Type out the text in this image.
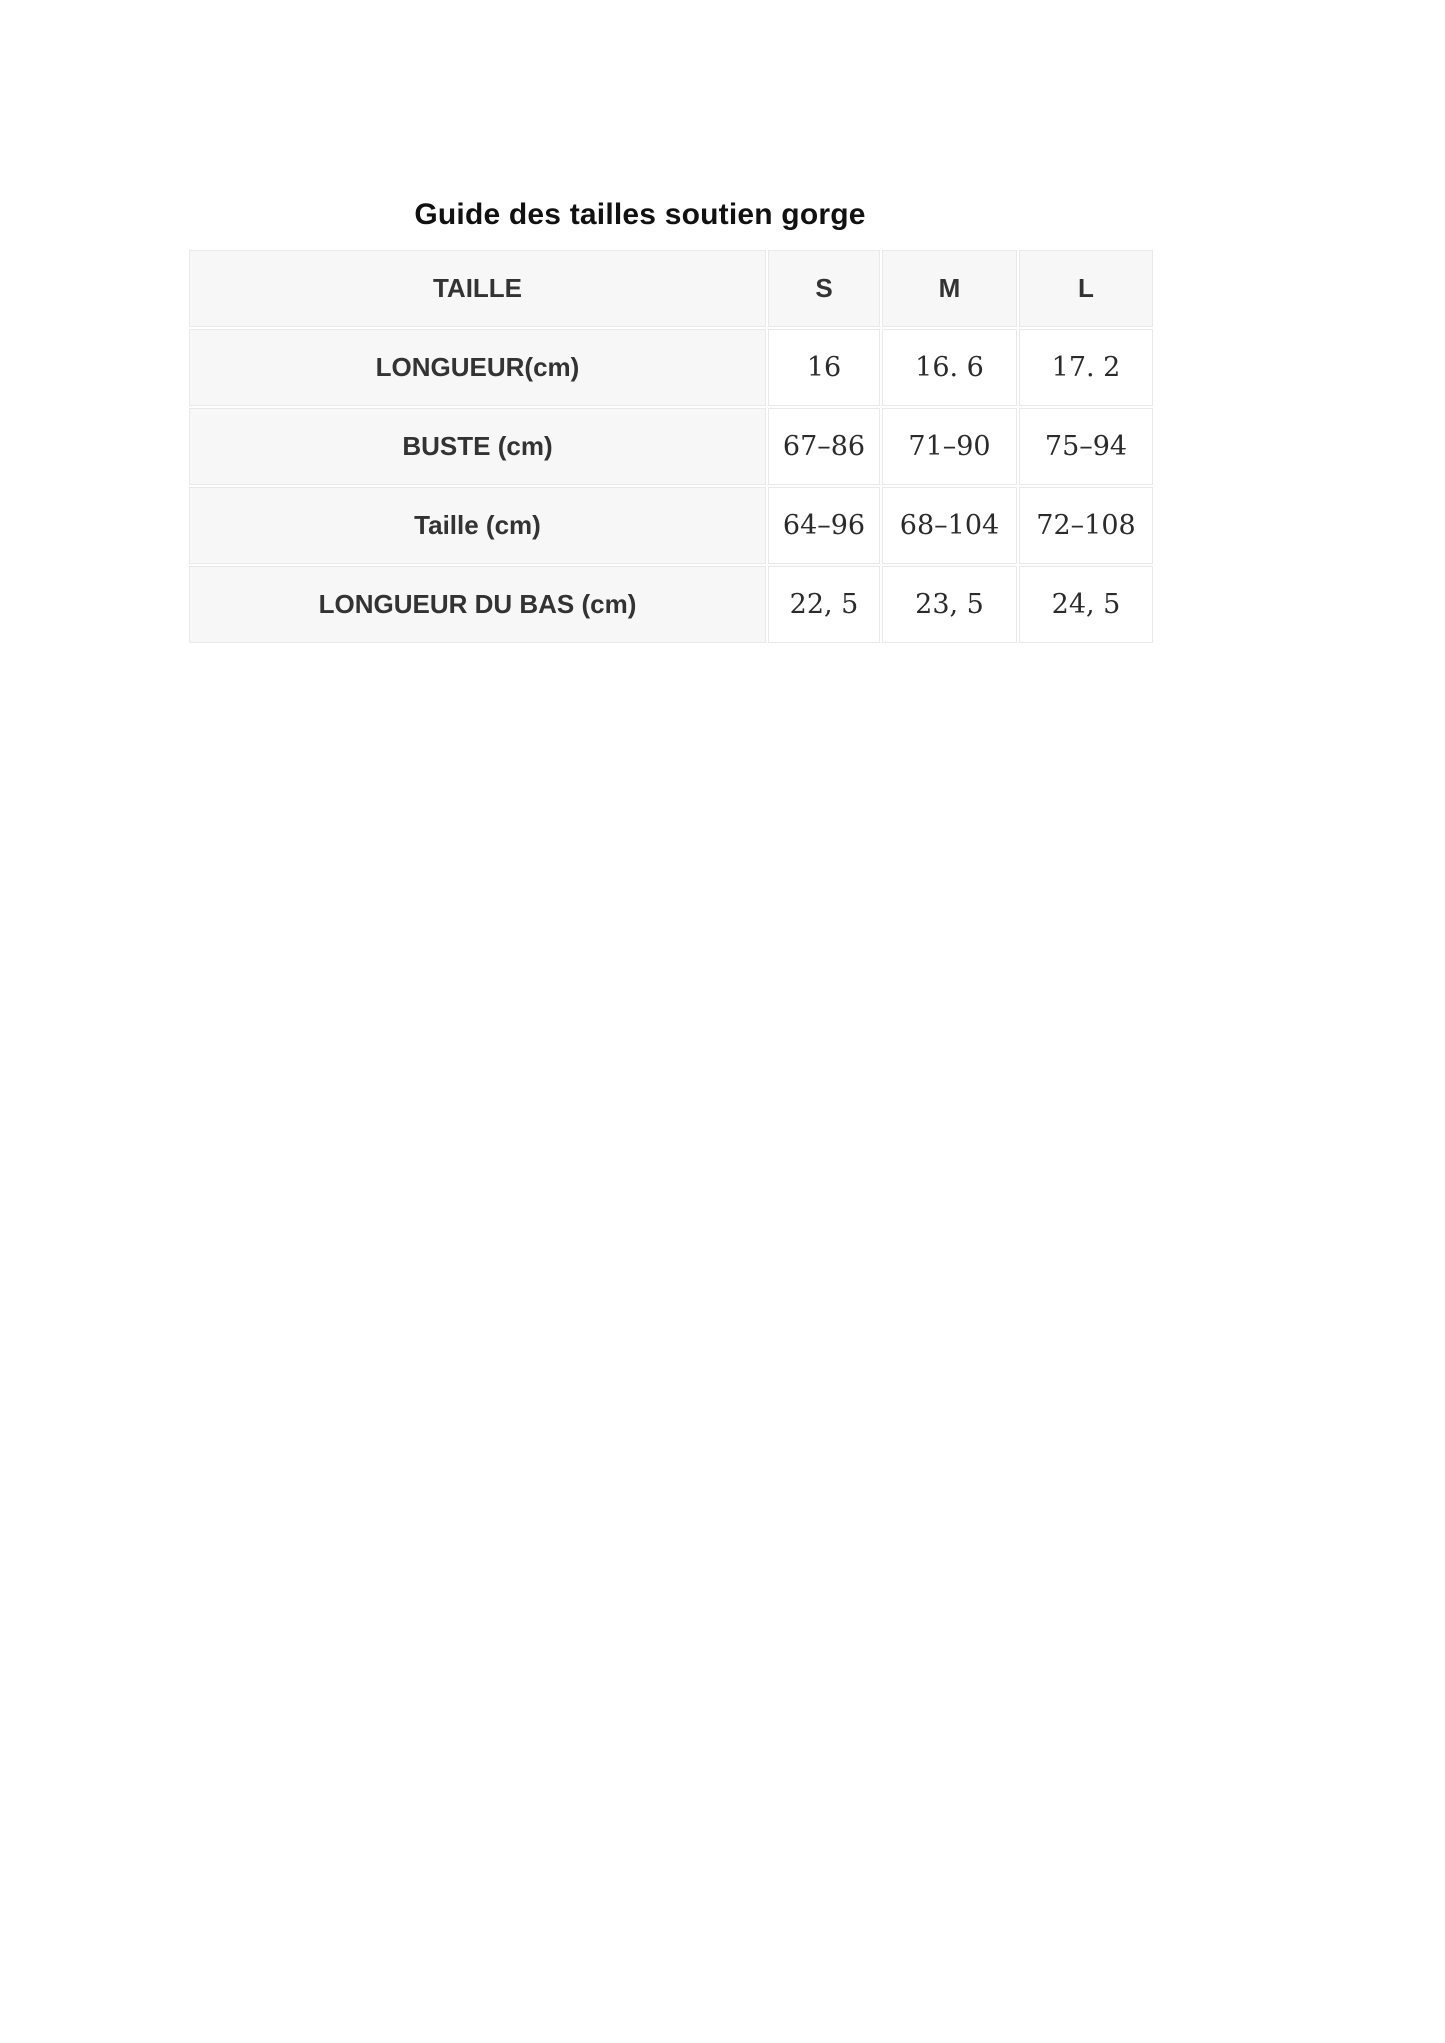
Guide des tailles soutien gorge
TAILLE	S	M	L
LONGUEUR(cm)	16	16. 6	17. 2
BUSTE (cm)	67–86	71–90	75–94
Taille (cm)	64–96	68–104	72–108
LONGUEUR DU BAS (cm)	22, 5	23, 5	24, 5
